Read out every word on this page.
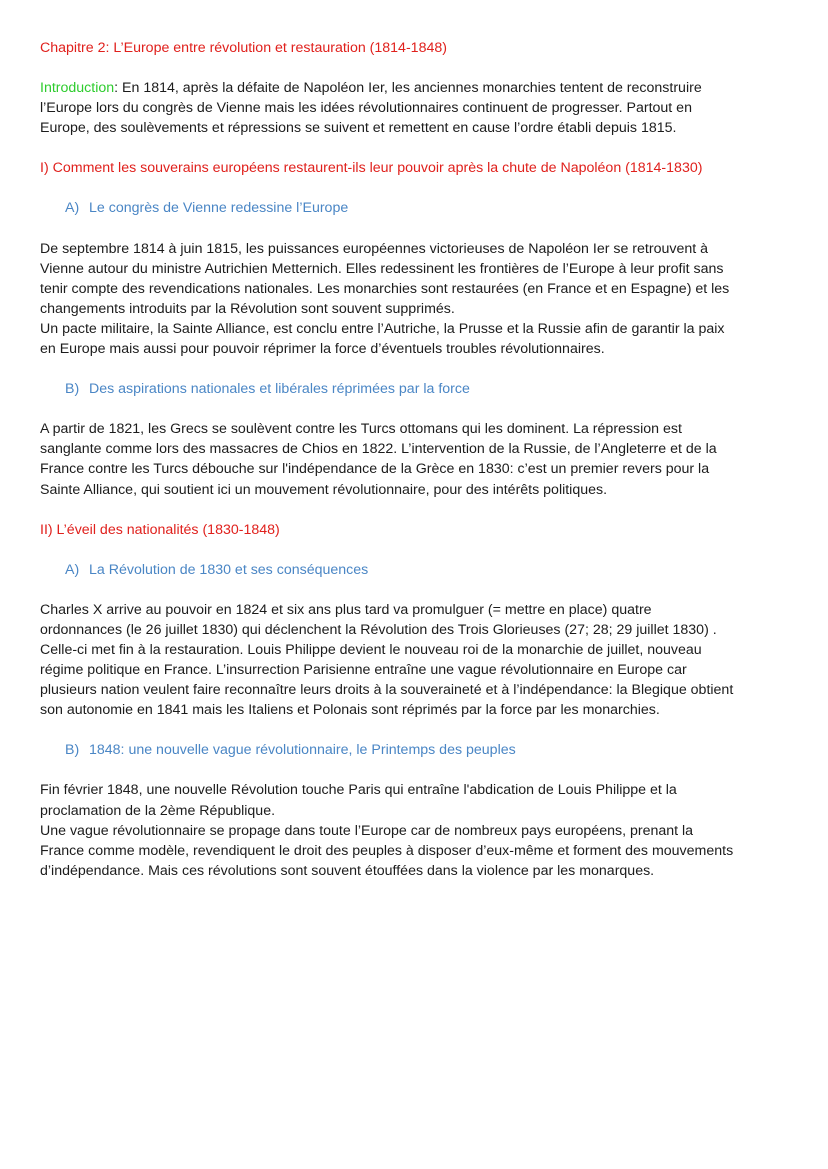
Chapitre 2: L’Europe entre révolution et restauration (1814-1848)
Introduction: En 1814, après la défaite de Napoléon Ier, les anciennes monarchies tentent de reconstruire
l’Europe lors du congrès de Vienne mais les idées révolutionnaires continuent de progresser. Partout en
Europe, des soulèvements et répressions se suivent et remettent en cause l’ordre établi depuis 1815.
I) Comment les souverains européens restaurent-ils leur pouvoir après la chute de Napoléon (1814-1830)
A) Le congrès de Vienne redessine l’Europe
De septembre 1814 à juin 1815, les puissances européennes victorieuses de Napoléon Ier se retrouvent à
Vienne autour du ministre Autrichien Metternich. Elles redessinent les frontières de l’Europe à leur profit sans
tenir compte des revendications nationales. Les monarchies sont restaurées (en France et en Espagne) et les
changements introduits par la Révolution sont souvent supprimés.
Un pacte militaire, la Sainte Alliance, est conclu entre l’Autriche, la Prusse et la Russie afin de garantir la paix
en Europe mais aussi pour pouvoir réprimer la force d’éventuels troubles révolutionnaires.
B) Des aspirations nationales et libérales réprimées par la force
A partir de 1821, les Grecs se soulèvent contre les Turcs ottomans qui les dominent. La répression est
sanglante comme lors des massacres de Chios en 1822. L’intervention de la Russie, de l’Angleterre et de la
France contre les Turcs débouche sur l'indépendance de la Grèce en 1830: c’est un premier revers pour la
Sainte Alliance, qui soutient ici un mouvement révolutionnaire, pour des intérêts politiques.
II) L’éveil des nationalités (1830-1848)
A) La Révolution de 1830 et ses conséquences
Charles X arrive au pouvoir en 1824 et six ans plus tard va promulguer (= mettre en place) quatre
ordonnances (le 26 juillet 1830) qui déclenchent la Révolution des Trois Glorieuses (27; 28; 29 juillet 1830) .
Celle-ci met fin à la restauration. Louis Philippe devient le nouveau roi de la monarchie de juillet, nouveau
régime politique en France. L’insurrection Parisienne entraîne une vague révolutionnaire en Europe car
plusieurs nation veulent faire reconnaître leurs droits à la souveraineté et à l’indépendance: la Blegique obtient
son autonomie en 1841 mais les Italiens et Polonais sont réprimés par la force par les monarchies.
B) 1848: une nouvelle vague révolutionnaire, le Printemps des peuples
Fin février 1848, une nouvelle Révolution touche Paris qui entraîne l'abdication de Louis Philippe et la
proclamation de la 2ème République.
Une vague révolutionnaire se propage dans toute l’Europe car de nombreux pays européens, prenant la
France comme modèle, revendiquent le droit des peuples à disposer d’eux-même et forment des mouvements
d’indépendance. Mais ces révolutions sont souvent étouffées dans la violence par les monarques.
